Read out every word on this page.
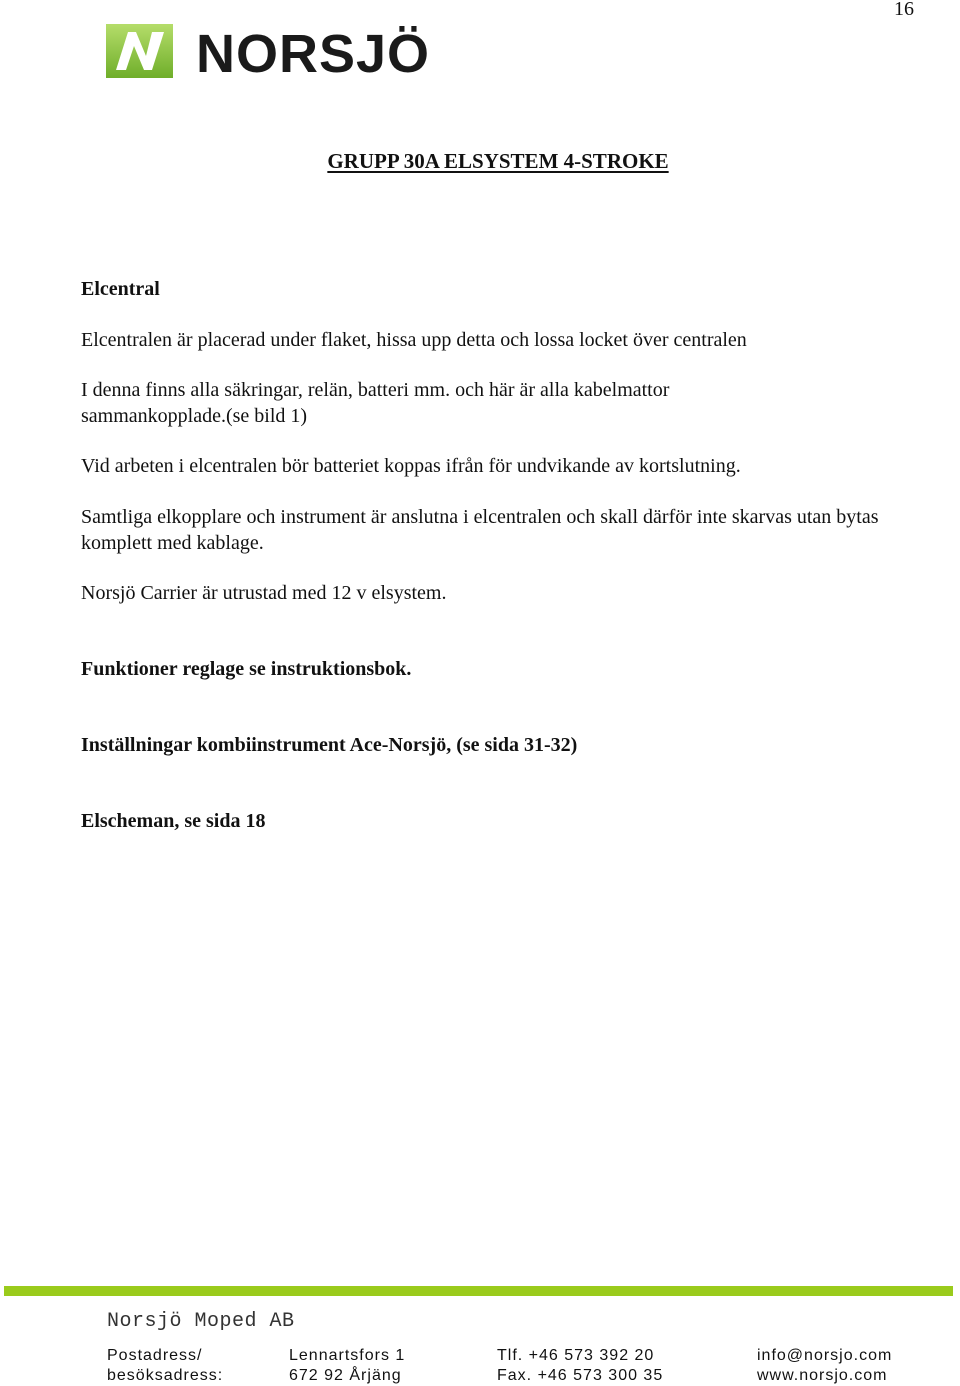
16
NORSJÖ
GRUPP 30A ELSYSTEM 4-STROKE

Elcentral

Elcentralen är placerad under flaket, hissa upp detta och lossa locket över centralen

I denna finns alla säkringar, relän, batteri mm. och här är alla kabelmattor sammankopplade.(se bild 1)

Vid arbeten i elcentralen bör batteriet koppas ifrån för undvikande av kortslutning.

Samtliga elkopplare och instrument är anslutna i elcentralen och skall därför inte skarvas utan bytas komplett med kablage.

Norsjö Carrier är utrustad med 12 v elsystem.

Funktioner reglage se instruktionsbok.

Inställningar kombiinstrument Ace-Norsjö, (se sida 31-32)

Elscheman, se sida 18

Norsjö Moped AB
Postadress/
besöksadress:
Lennartsfors 1
672 92 Årjäng
Tlf. +46 573 392 20
Fax. +46 573 300 35
info@norsjo.com
www.norsjo.com
